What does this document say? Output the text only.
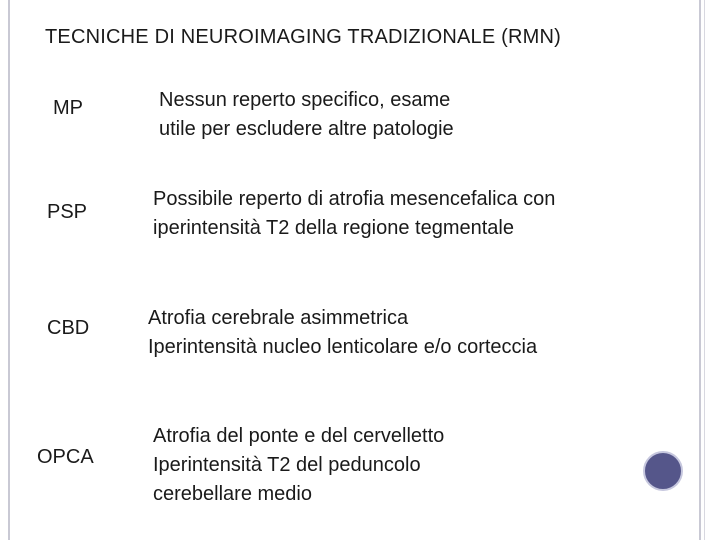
TECNICHE DI NEUROIMAGING TRADIZIONALE (RMN)
MP	Nessun reperto specifico, esame
utile per escludere altre patologie
PSP
Possibile reperto di atrofia mesencefalica con
iperintensità T2 della regione tegmentale
CBD	Atrofia cerebrale asimmetrica
Iperintensità nucleo lenticolare e/o corteccia
OPCA
Atrofia del ponte e del cervelletto
Iperintensità T2 del peduncolo
cerebellare medio
